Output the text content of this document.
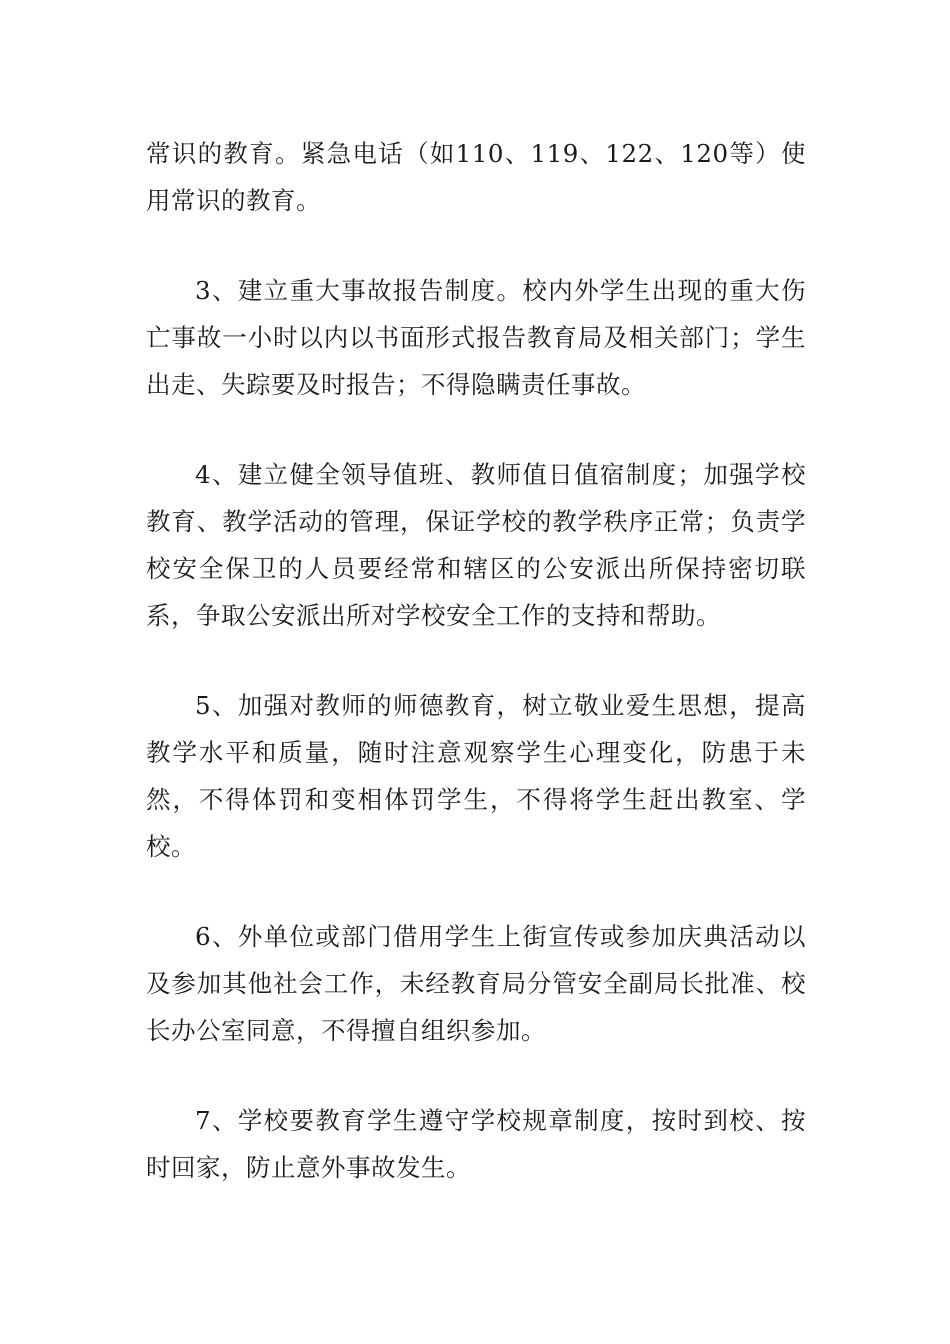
常识的教育。紧急电话（如110、119、122、120等）使用常识的教育。

3、建立重大事故报告制度。校内外学生出现的重大伤亡事故一小时以内以书面形式报告教育局及相关部门；学生出走、失踪要及时报告；不得隐瞒责任事故。

4、建立健全领导值班、教师值日值宿制度；加强学校教育、教学活动的管理，保证学校的教学秩序正常；负责学校安全保卫的人员要经常和辖区的公安派出所保持密切联系，争取公安派出所对学校安全工作的支持和帮助。

5、加强对教师的师德教育，树立敬业爱生思想，提高教学水平和质量，随时注意观察学生心理变化，防患于未然，不得体罚和变相体罚学生，不得将学生赶出教室、学校。

6、外单位或部门借用学生上街宣传或参加庆典活动以及参加其他社会工作，未经教育局分管安全副局长批准、校长办公室同意，不得擅自组织参加。

7、学校要教育学生遵守学校规章制度，按时到校、按时回家，防止意外事故发生。
